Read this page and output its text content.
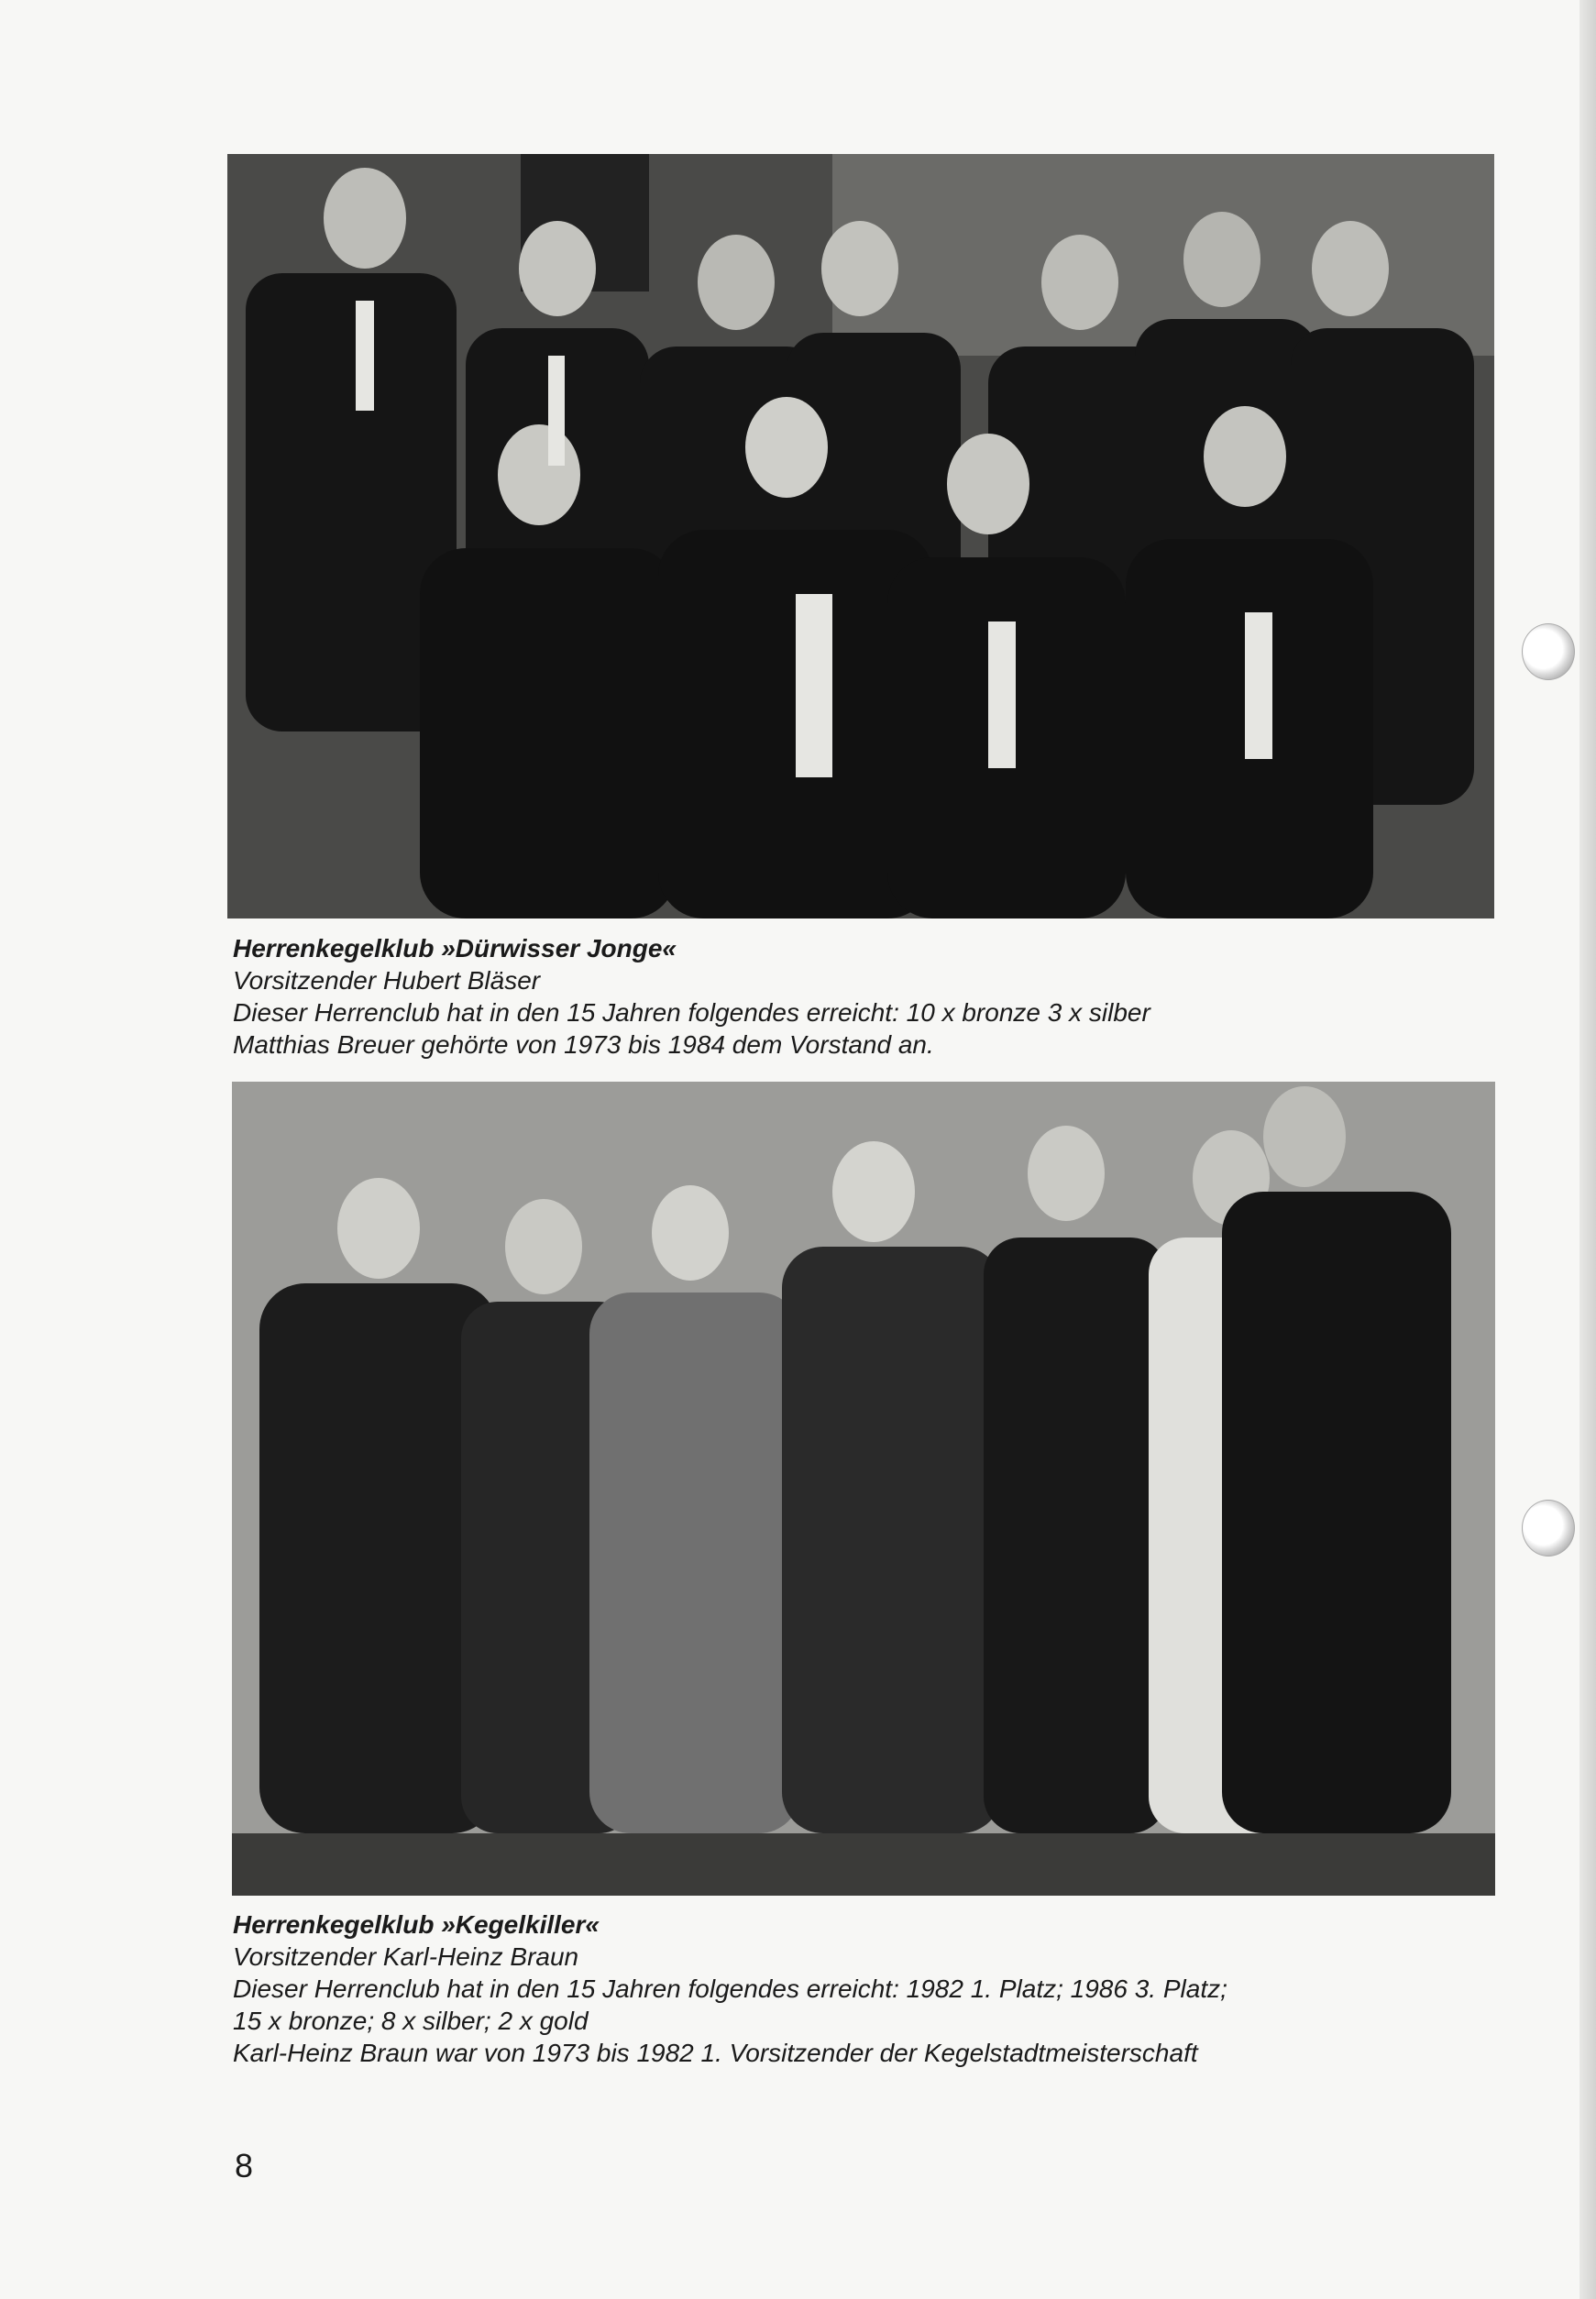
Herrenkegelklub »Dürwisser Jonge«
Vorsitzender Hubert Bläser
Dieser Herrenclub hat in den 15 Jahren folgendes erreicht: 10 x bronze 3 x silber
Matthias Breuer gehörte von 1973 bis 1984 dem Vorstand an.
Herrenkegelklub »Kegelkiller«
Vorsitzender Karl-Heinz Braun
Dieser Herrenclub hat in den 15 Jahren folgendes erreicht: 1982 1. Platz; 1986 3. Platz;
15 x bronze; 8 x silber; 2 x gold
Karl-Heinz Braun war von 1973 bis 1982 1. Vorsitzender der Kegelstadtmeisterschaft
8
